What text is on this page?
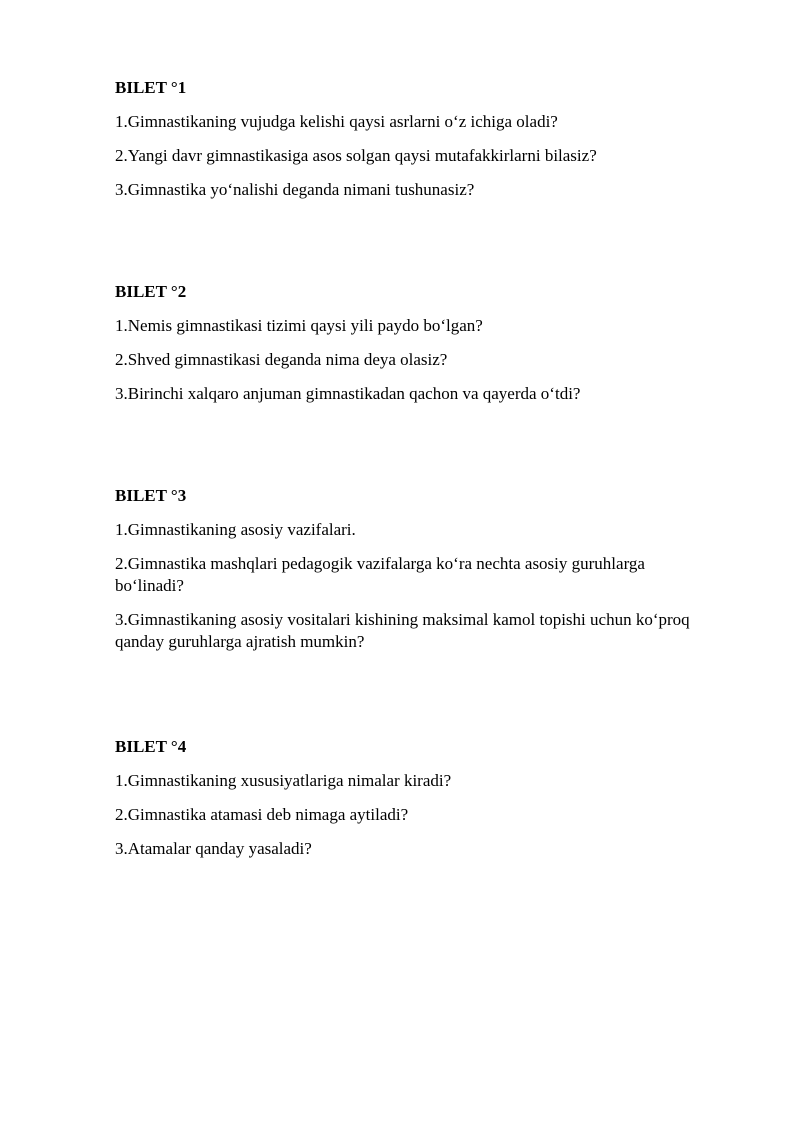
BILET °1

1.Gimnastikaning vujudga kelishi qaysi asrlarni o‘z ichiga oladi?

2.Yangi davr gimnastikasiga asos solgan qaysi mutafakkirlarni bilasiz?

3.Gimnastika yo‘nalishi deganda nimani tushunasiz?

BILET °2

1.Nemis gimnastikasi tizimi qaysi yili paydo bo‘lgan?

2.Shved gimnastikasi deganda nima deya olasiz?

3.Birinchi xalqaro anjuman gimnastikadan qachon va qayerda o‘tdi?

BILET °3

1.Gimnastikaning asosiy vazifalari.

2.Gimnastika mashqlari pedagogik vazifalarga ko‘ra nechta asosiy guruhlarga bo‘linadi?

3.Gimnastikaning asosiy vositalari kishining maksimal kamol topishi uchun ko‘proq qanday guruhlarga ajratish mumkin?

BILET °4

1.Gimnastikaning xususiyatlariga nimalar kiradi?

2.Gimnastika atamasi deb nimaga aytiladi?

3.Atamalar qanday yasaladi?
